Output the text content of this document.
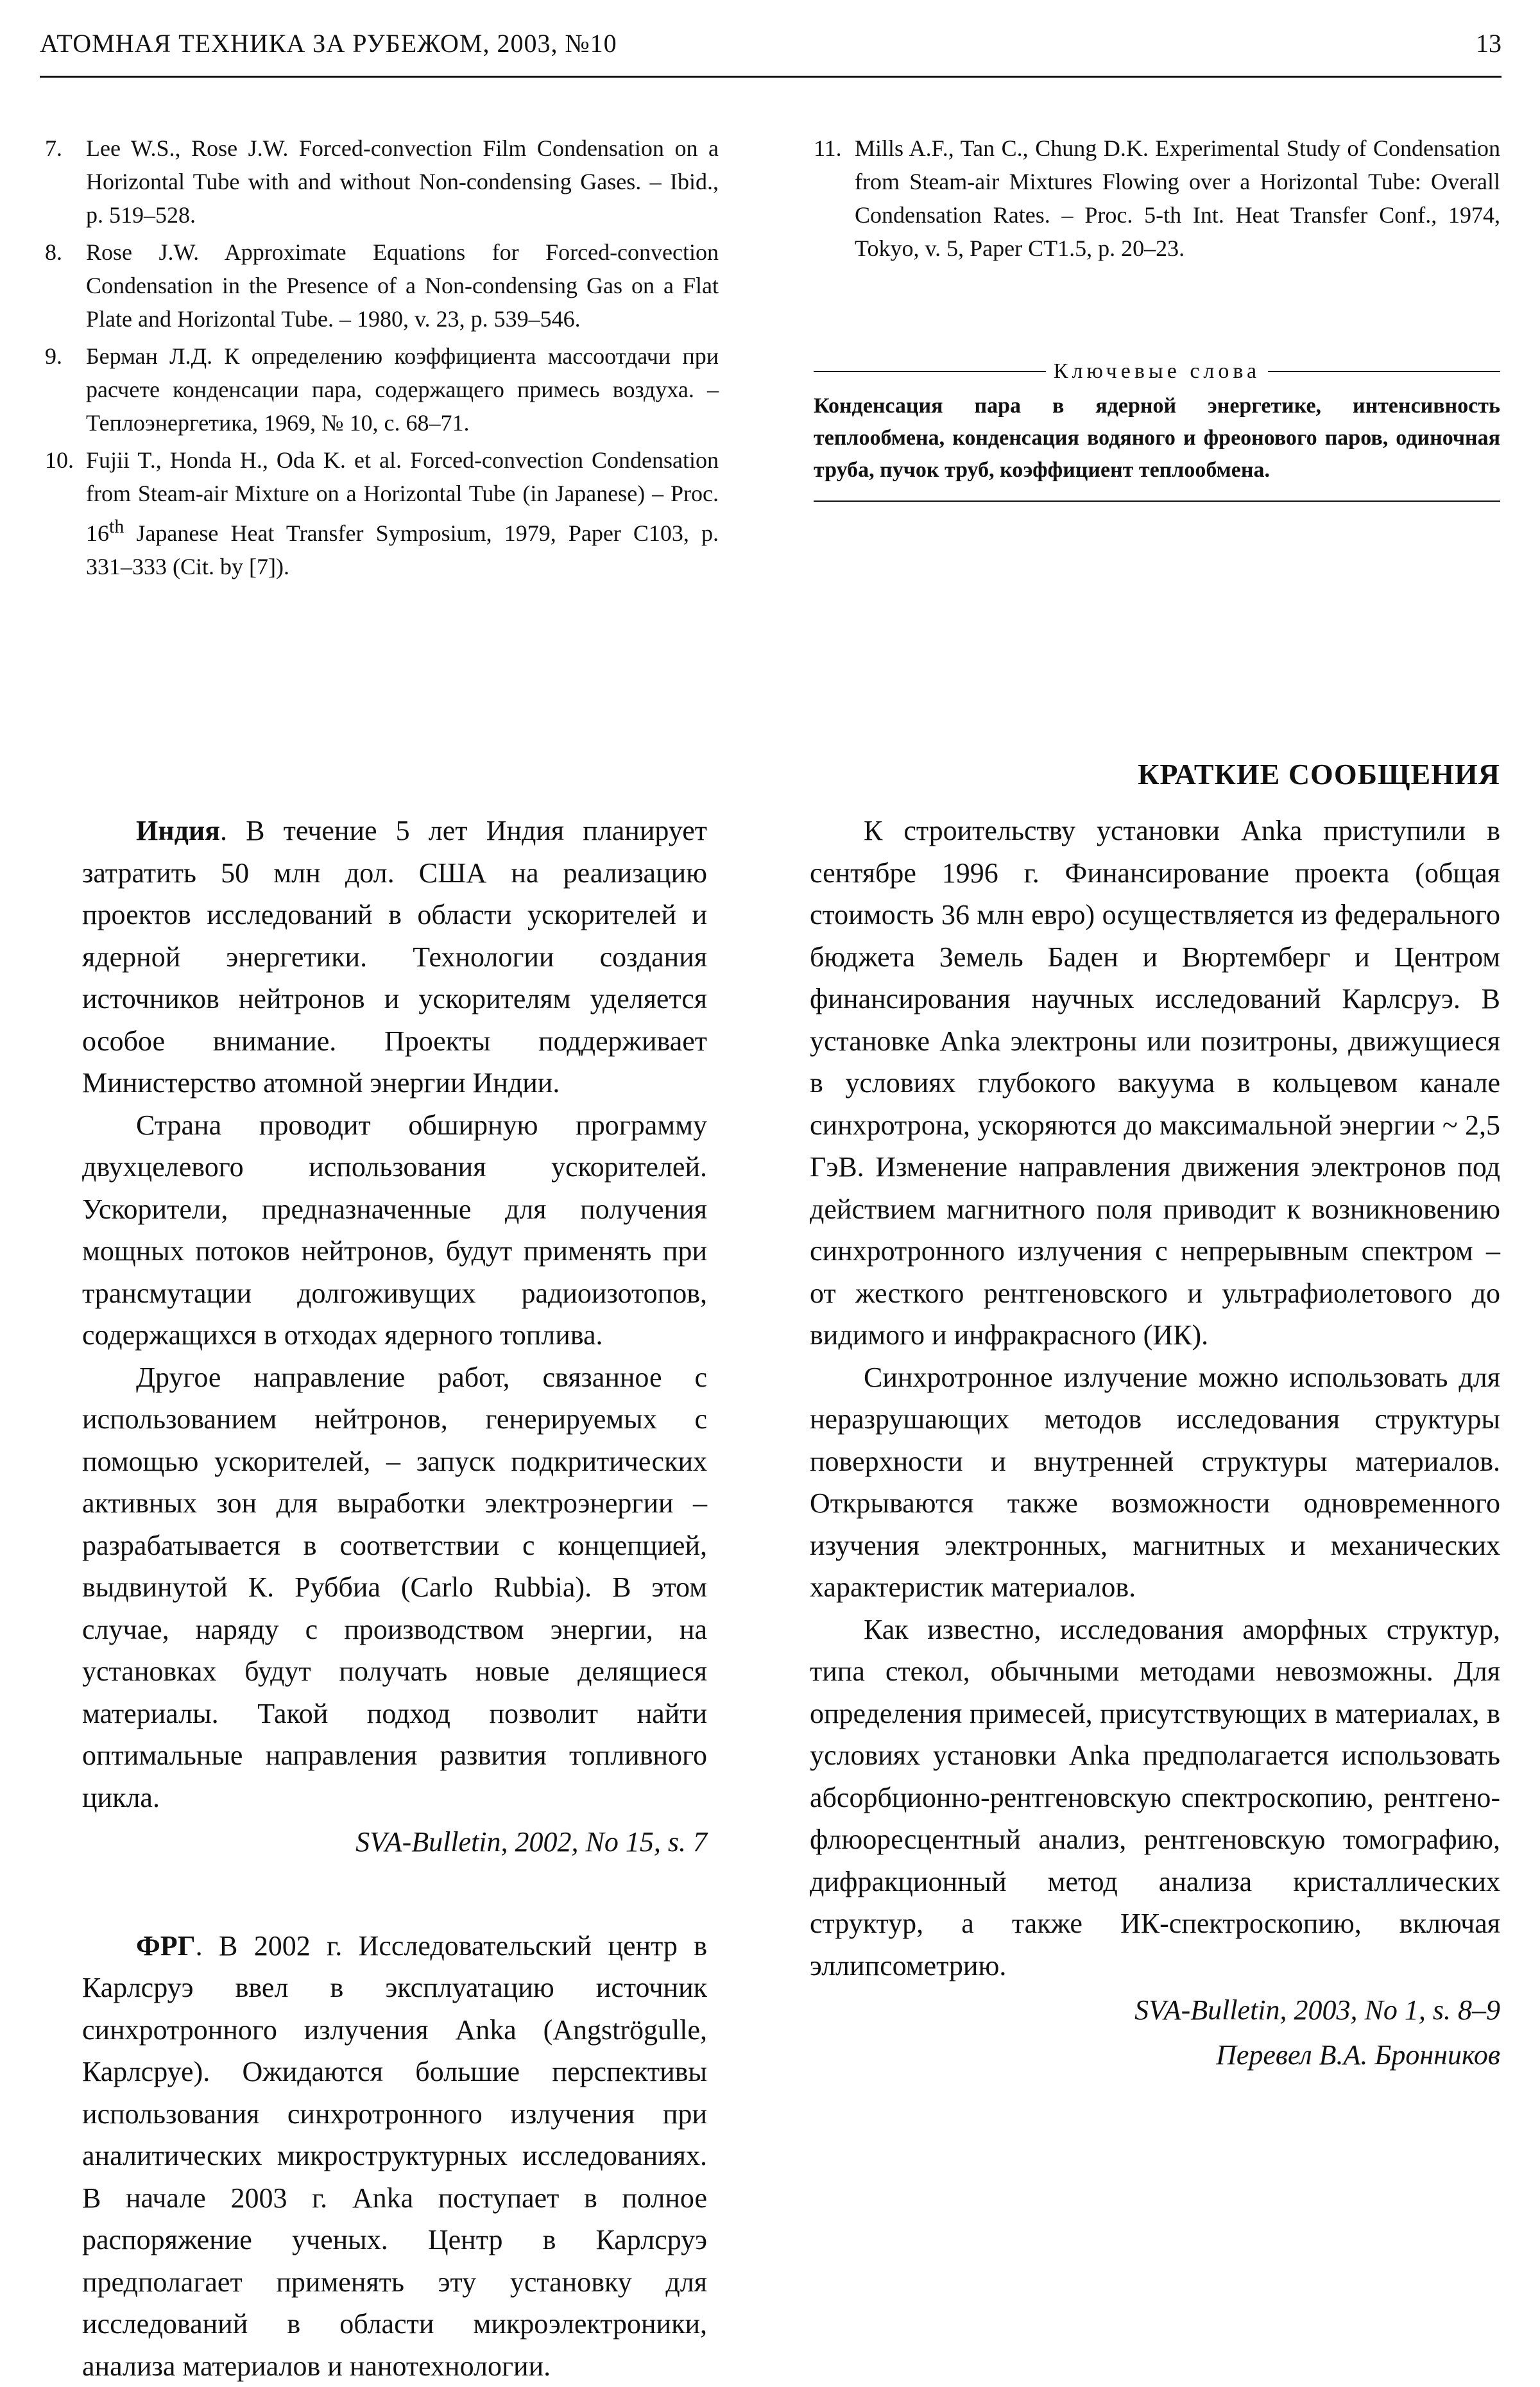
АТОМНАЯ ТЕХНИКА ЗА РУБЕЖОМ, 2003, №10	13
7.	Lee W.S., Rose J.W. Forced-convection Film Condensation on a Horizontal Tube with and without Non-condensing Gases. – Ibid., p. 519–528.
8.	Rose J.W. Approximate Equations for Forced-convection Condensation in the Presence of a Non-condensing Gas on a Flat Plate and Horizontal Tube. – 1980, v. 23, p. 539–546.
9.	Берман Л.Д. К определению коэффициента массоотдачи при расчете конденсации пара, содержащего примесь воздуха. – Теплоэнергетика, 1969, № 10, с. 68–71.
10. Fujii T., Honda H., Oda K. et al. Forced-convection Condensation from Steam-air Mixture on a Horizontal Tube (in Japanese) – Proc. 16th Japanese Heat Transfer Symposium, 1979, Paper C103, p. 331–333 (Cit. by [7]).
11. Mills A.F., Tan C., Chung D.K. Experimental Study of Condensation from Steam-air Mixtures Flowing over a Horizontal Tube: Overall Condensation Rates. – Proc. 5-th Int. Heat Transfer Conf., 1974, Tokyo, v. 5, Paper CT1.5, p. 20–23.
Ключевые слова
Конденсация пара в ядерной энергетике, интенсивность теплообмена, конденсация водяного и фреонового паров, одиночная труба, пучок труб, коэффициент теплообмена.
КРАТКИЕ СООБЩЕНИЯ

Индия. В течение 5 лет Индия планирует затратить 50 млн дол. США на реализацию проектов исследований в области ускорителей и ядерной энергетики. Технологии создания источников нейтронов и ускорителям уделяется особое внимание. Проекты поддерживает Министерство атомной энергии Индии.

Страна проводит обширную программу двухцелевого использования ускорителей. Ускорители, предназначенные для получения мощных потоков нейтронов, будут применять при трансмутации долгоживущих радиоизотопов, содержащихся в отходах ядерного топлива.

Другое направление работ, связанное с использованием нейтронов, генерируемых с помощью ускорителей, – запуск подкритических активных зон для выработки электроэнергии – разрабатывается в соответствии с концепцией, выдвинутой К. Руббиа (Carlo Rubbia). В этом случае, наряду с производством энергии, на установках будут получать новые делящиеся материалы. Такой подход позволит найти оптимальные направления развития топливного цикла.

SVA-Bulletin, 2002, No 15, s. 7

ФРГ. В 2002 г. Исследовательский центр в Карлсруэ ввел в эксплуатацию источник синхротронного излучения Anka (Angströgulle, Карлсруе). Ожидаются большие перспективы использования синхротронного излучения при аналитических микроструктурных исследованиях. В начале 2003 г. Anka поступает в полное распоряжение ученых. Центр в Карлсруэ предполагает применять эту установку для исследований в области микроэлектроники, анализа материалов и нанотехнологии.

К строительству установки Anka приступили в сентябре 1996 г. Финансирование проекта (общая стоимость 36 млн евро) осуществляется из федерального бюджета Земель Баден и Вюртемберг и Центром финансирования научных исследований Карлсруэ. В установке Anka электроны или позитроны, движущиеся в условиях глубокого вакуума в кольцевом канале синхротрона, ускоряются до максимальной энергии ~ 2,5 ГэВ. Изменение направления движения электронов под действием магнитного поля приводит к возникновению синхротронного излучения с непрерывным спектром – от жесткого рентгеновского и ультрафиолетового до видимого и инфракрасного (ИК).

Синхротронное излучение можно использовать для неразрушающих методов исследования структуры поверхности и внутренней структуры материалов. Открываются также возможности одновременного изучения электронных, магнитных и механических характеристик материалов.

Как известно, исследования аморфных структур, типа стекол, обычными методами невозможны. Для определения примесей, присутствующих в материалах, в условиях установки Anka предполагается использовать абсорбционно-рентгеновскую спектроскопию, рентгено-флюоресцентный анализ, рентгеновскую томографию, дифракционный метод анализа кристаллических структур, а также ИК-спектроскопию, включая эллипсометрию.

SVA-Bulletin, 2003, No 1, s. 8–9

Перевел В.А. Бронников
